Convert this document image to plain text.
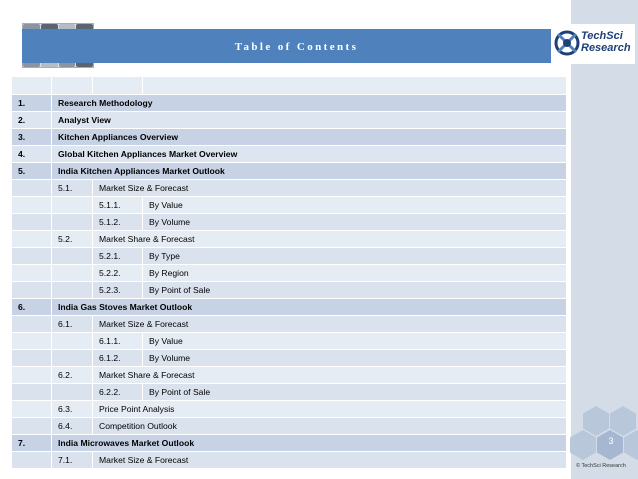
Table of Contents
TechSci
Research

1.	Research Methodology		
2.	Analyst View		
3.	Kitchen Appliances Overview		
4.	Global Kitchen Appliances Market Overview		
5.	India Kitchen Appliances Market Outlook		
	5.1.	Market Size & Forecast	
		5.1.1.	By Value
		5.1.2.	By Volume
	5.2.	Market Share & Forecast	
		5.2.1.	By Type
		5.2.2.	By Region
		5.2.3.	By Point of Sale
6.	India Gas Stoves Market Outlook		
	6.1.	Market Size & Forecast	
		6.1.1.	By Value
		6.1.2.	By Volume
	6.2.	Market Share & Forecast	
		6.2.2.	By Point of Sale
	6.3.	Price Point Analysis	
	6.4.	Competition Outlook	
7.	India Microwaves Market Outlook		
	7.1.	Market Size & Forecast	
3
© TechSci Research
